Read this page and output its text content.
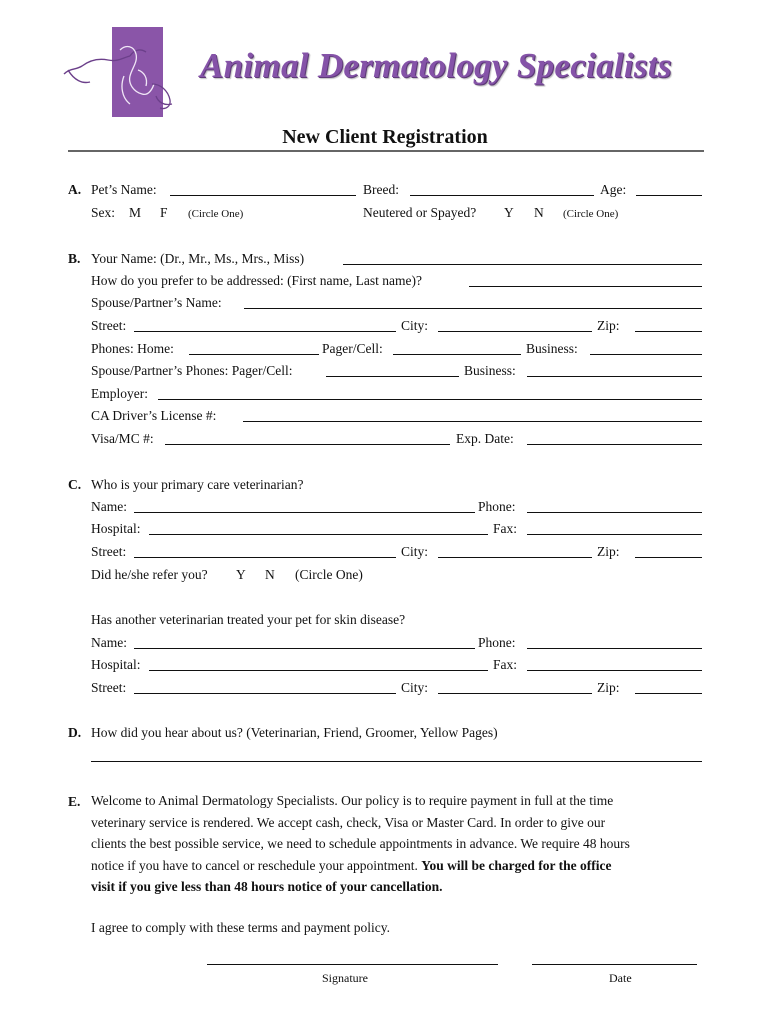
Animal Dermatology Specialists
New Client Registration
A. Pet’s Name:	Breed:	Age:
Sex: M F (Circle One)	Neutered or Spayed? Y N (Circle One)
B. Your Name: (Dr., Mr., Ms., Mrs., Miss)
How do you prefer to be addressed: (First name, Last name)?
Spouse/Partner’s Name:
Street:	City:	Zip:
Phones: Home:	Pager/Cell:	Business:
Spouse/Partner’s Phones: Pager/Cell:	Business:
Employer:
CA Driver’s License #:
Visa/MC #:	Exp. Date:
C. Who is your primary care veterinarian?
Name:	Phone:
Hospital:	Fax:
Street:	City:	Zip:
Did he/she refer you? Y N (Circle One)
Has another veterinarian treated your pet for skin disease?
Name:	Phone:
Hospital:	Fax:
Street:	City:	Zip:
D. How did you hear about us? (Veterinarian, Friend, Groomer, Yellow Pages)
E. Welcome to Animal Dermatology Specialists. Our policy is to require payment in full at the time
veterinary service is rendered. We accept cash, check, Visa or Master Card. In order to give our
clients the best possible service, we need to schedule appointments in advance. We require 48 hours
notice if you have to cancel or reschedule your appointment. You will be charged for the office
visit if you give less than 48 hours notice of your cancellation.
I agree to comply with these terms and payment policy.
Signature	Date
